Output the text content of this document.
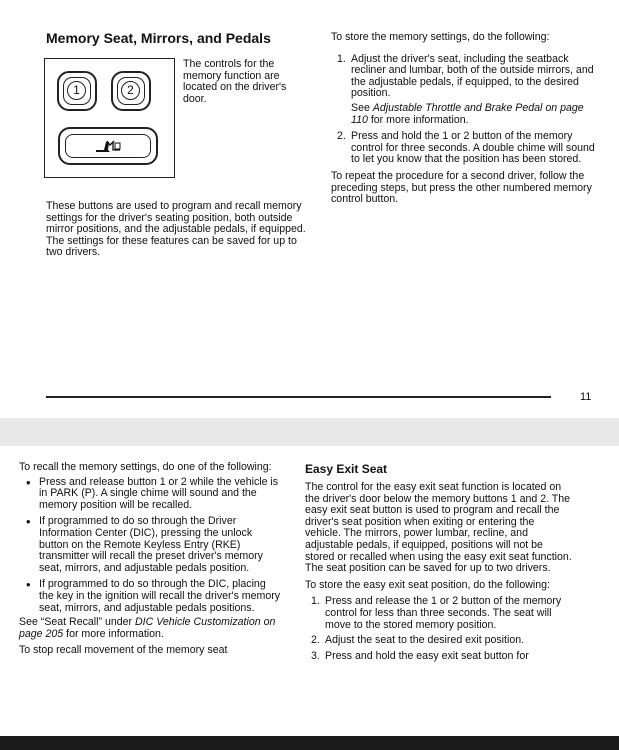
Memory Seat, Mirrors, and Pedals
1	2

The controls for the memory function are located on the driver's door.

These buttons are used to program and recall memory settings for the driver's seating position, both outside mirror positions, and the adjustable pedals, if equipped. The settings for these features can be saved for up to two drivers.

To store the memory settings, do the following:

1. Adjust the driver's seat, including the seatback recliner and lumbar, both of the outside mirrors, and the adjustable pedals, if equipped, to the desired position.

See Adjustable Throttle and Brake Pedal on page 110 for more information.

2. Press and hold the 1 or 2 button of the memory control for three seconds. A double chime will sound to let you know that the position has been stored.

To repeat the procedure for a second driver, follow the preceding steps, but press the other numbered memory control button.

11

To recall the memory settings, do one of the following:

• Press and release button 1 or 2 while the vehicle is in PARK (P). A single chime will sound and the memory position will be recalled.
• If programmed to do so through the Driver Information Center (DIC), pressing the unlock button on the Remote Keyless Entry (RKE) transmitter will recall the preset driver's memory seat, mirrors, and adjustable pedals position.
• If programmed to do so through the DIC, placing the key in the ignition will recall the driver's memory seat, mirrors, and adjustable pedals positions.

See “Seat Recall” under DIC Vehicle Customization on page 205 for more information.

To stop recall movement of the memory seat

Easy Exit Seat

The control for the easy exit seat function is located on the driver's door below the memory buttons 1 and 2. The easy exit seat button is used to program and recall the driver's seat position when exiting or entering the vehicle. The mirrors, power lumbar, recline, and adjustable pedals, if equipped, positions will not be stored or recalled when using the easy exit seat function. The seat position can be saved for up to two drivers.

To store the easy exit seat position, do the following:

1. Press and release the 1 or 2 button of the memory control for less than three seconds. The seat will move to the stored memory position.
2. Adjust the seat to the desired exit position.
3. Press and hold the easy exit seat button for
